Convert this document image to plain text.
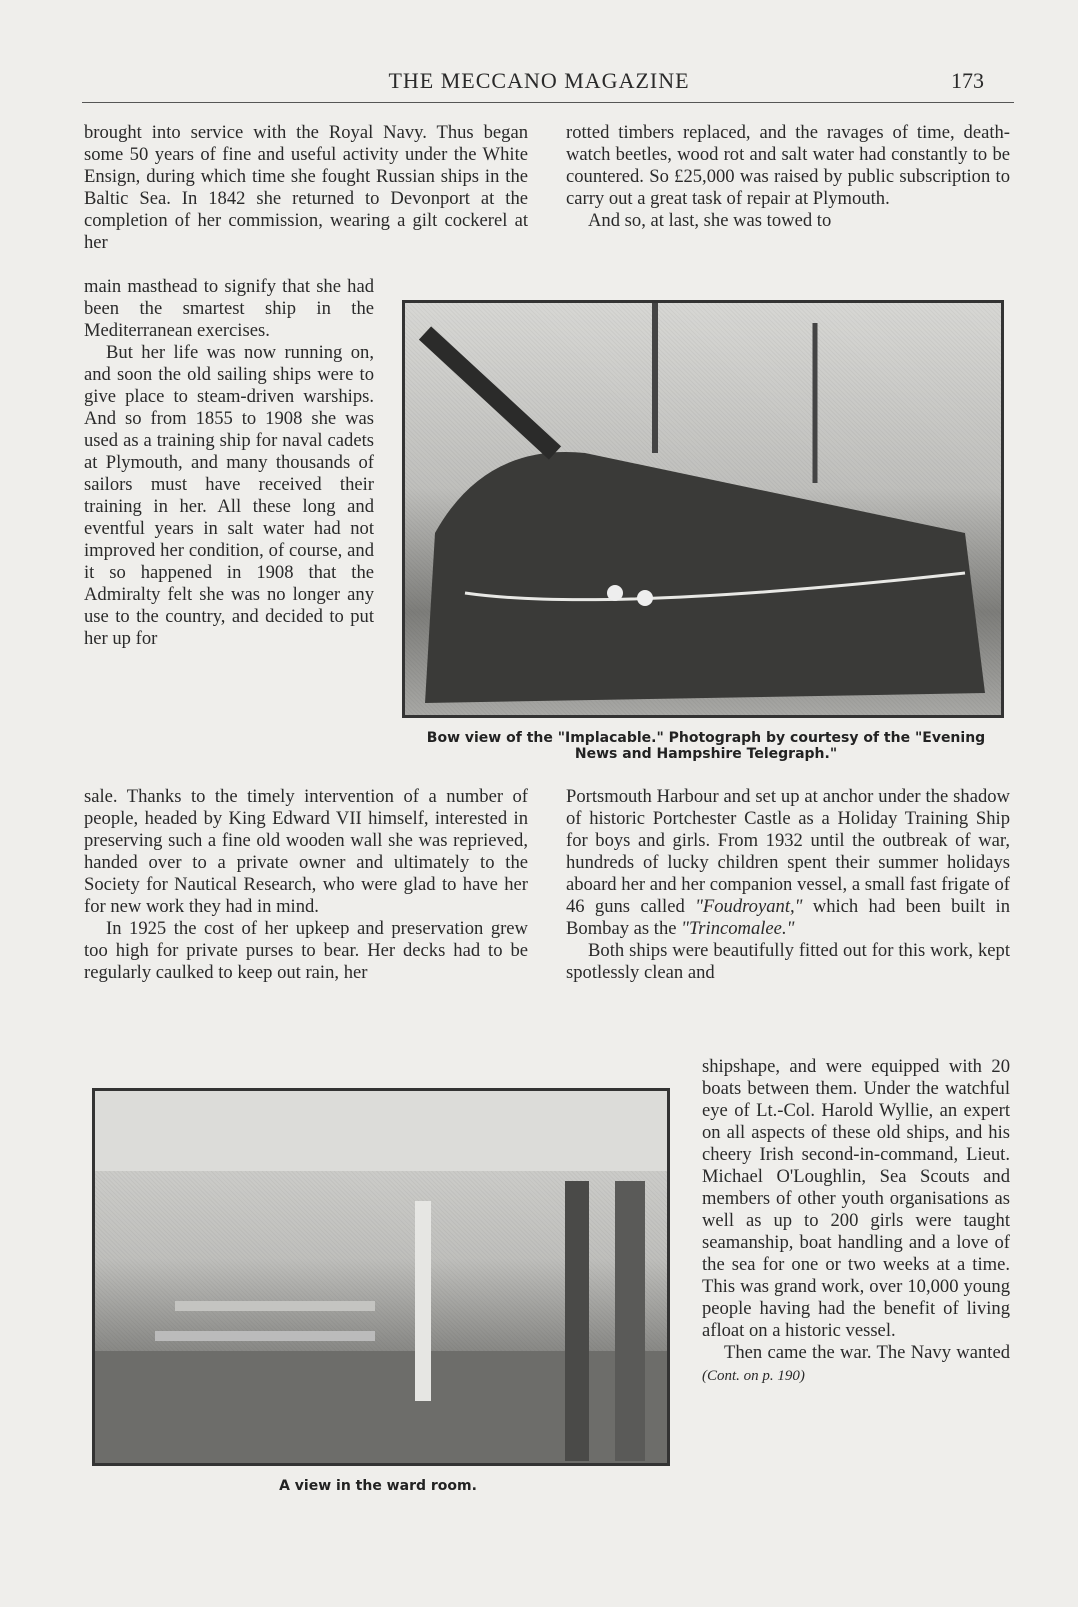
THE MECCANO MAGAZINE	173

brought into service with the Royal Navy. Thus began some 50 years of fine and useful activity under the White Ensign, during which time she fought Russian ships in the Baltic Sea. In 1842 she returned to Devonport at the completion of her commission, wearing a gilt cockerel at her

main masthead to signify that she had been the smartest ship in the Mediterranean exercises.

But her life was now running on, and soon the old sailing ships were to give place to steam-driven warships. And so from 1855 to 1908 she was used as a training ship for naval cadets at Plymouth, and many thousands of sailors must have received their training in her. All these long and eventful years in salt water had not improved her condition, of course, and it so happened in 1908 that the Admiralty felt she was no longer any use to the country, and decided to put her up for

sale. Thanks to the timely intervention of a number of people, headed by King Edward VII himself, interested in preserving such a fine old wooden wall she was reprieved, handed over to a private owner and ultimately to the Society for Nautical Research, who were glad to have her for new work they had in mind.

In 1925 the cost of her upkeep and preservation grew too high for private purses to bear. Her decks had to be regularly caulked to keep out rain, her

rotted timbers replaced, and the ravages of time, death-watch beetles, wood rot and salt water had constantly to be countered. So £25,000 was raised by public subscription to carry out a great task of repair at Plymouth.

And so, at last, she was towed to

Bow view of the "Implacable." Photograph by courtesy of the "Evening News and Hampshire Telegraph."

Portsmouth Harbour and set up at anchor under the shadow of historic Portchester Castle as a Holiday Training Ship for boys and girls. From 1932 until the outbreak of war, hundreds of lucky children spent their summer holidays aboard her and her companion vessel, a small fast frigate of 46 guns called "Foudroyant," which had been built in Bombay as the "Trincomalee."

Both ships were beautifully fitted out for this work, kept spotlessly clean and

A view in the ward room.

shipshape, and were equipped with 20 boats between them. Under the watchful eye of Lt.-Col. Harold Wyllie, an expert on all aspects of these old ships, and his cheery Irish second-in-command, Lieut. Michael O'Loughlin, Sea Scouts and members of other youth organisations as well as up to 200 girls were taught seamanship, boat handling and a love of the sea for one or two weeks at a time. This was grand work, over 10,000 young people having had the benefit of living afloat on a historic vessel.

Then came the war. The Navy wanted (Cont. on p. 190)
